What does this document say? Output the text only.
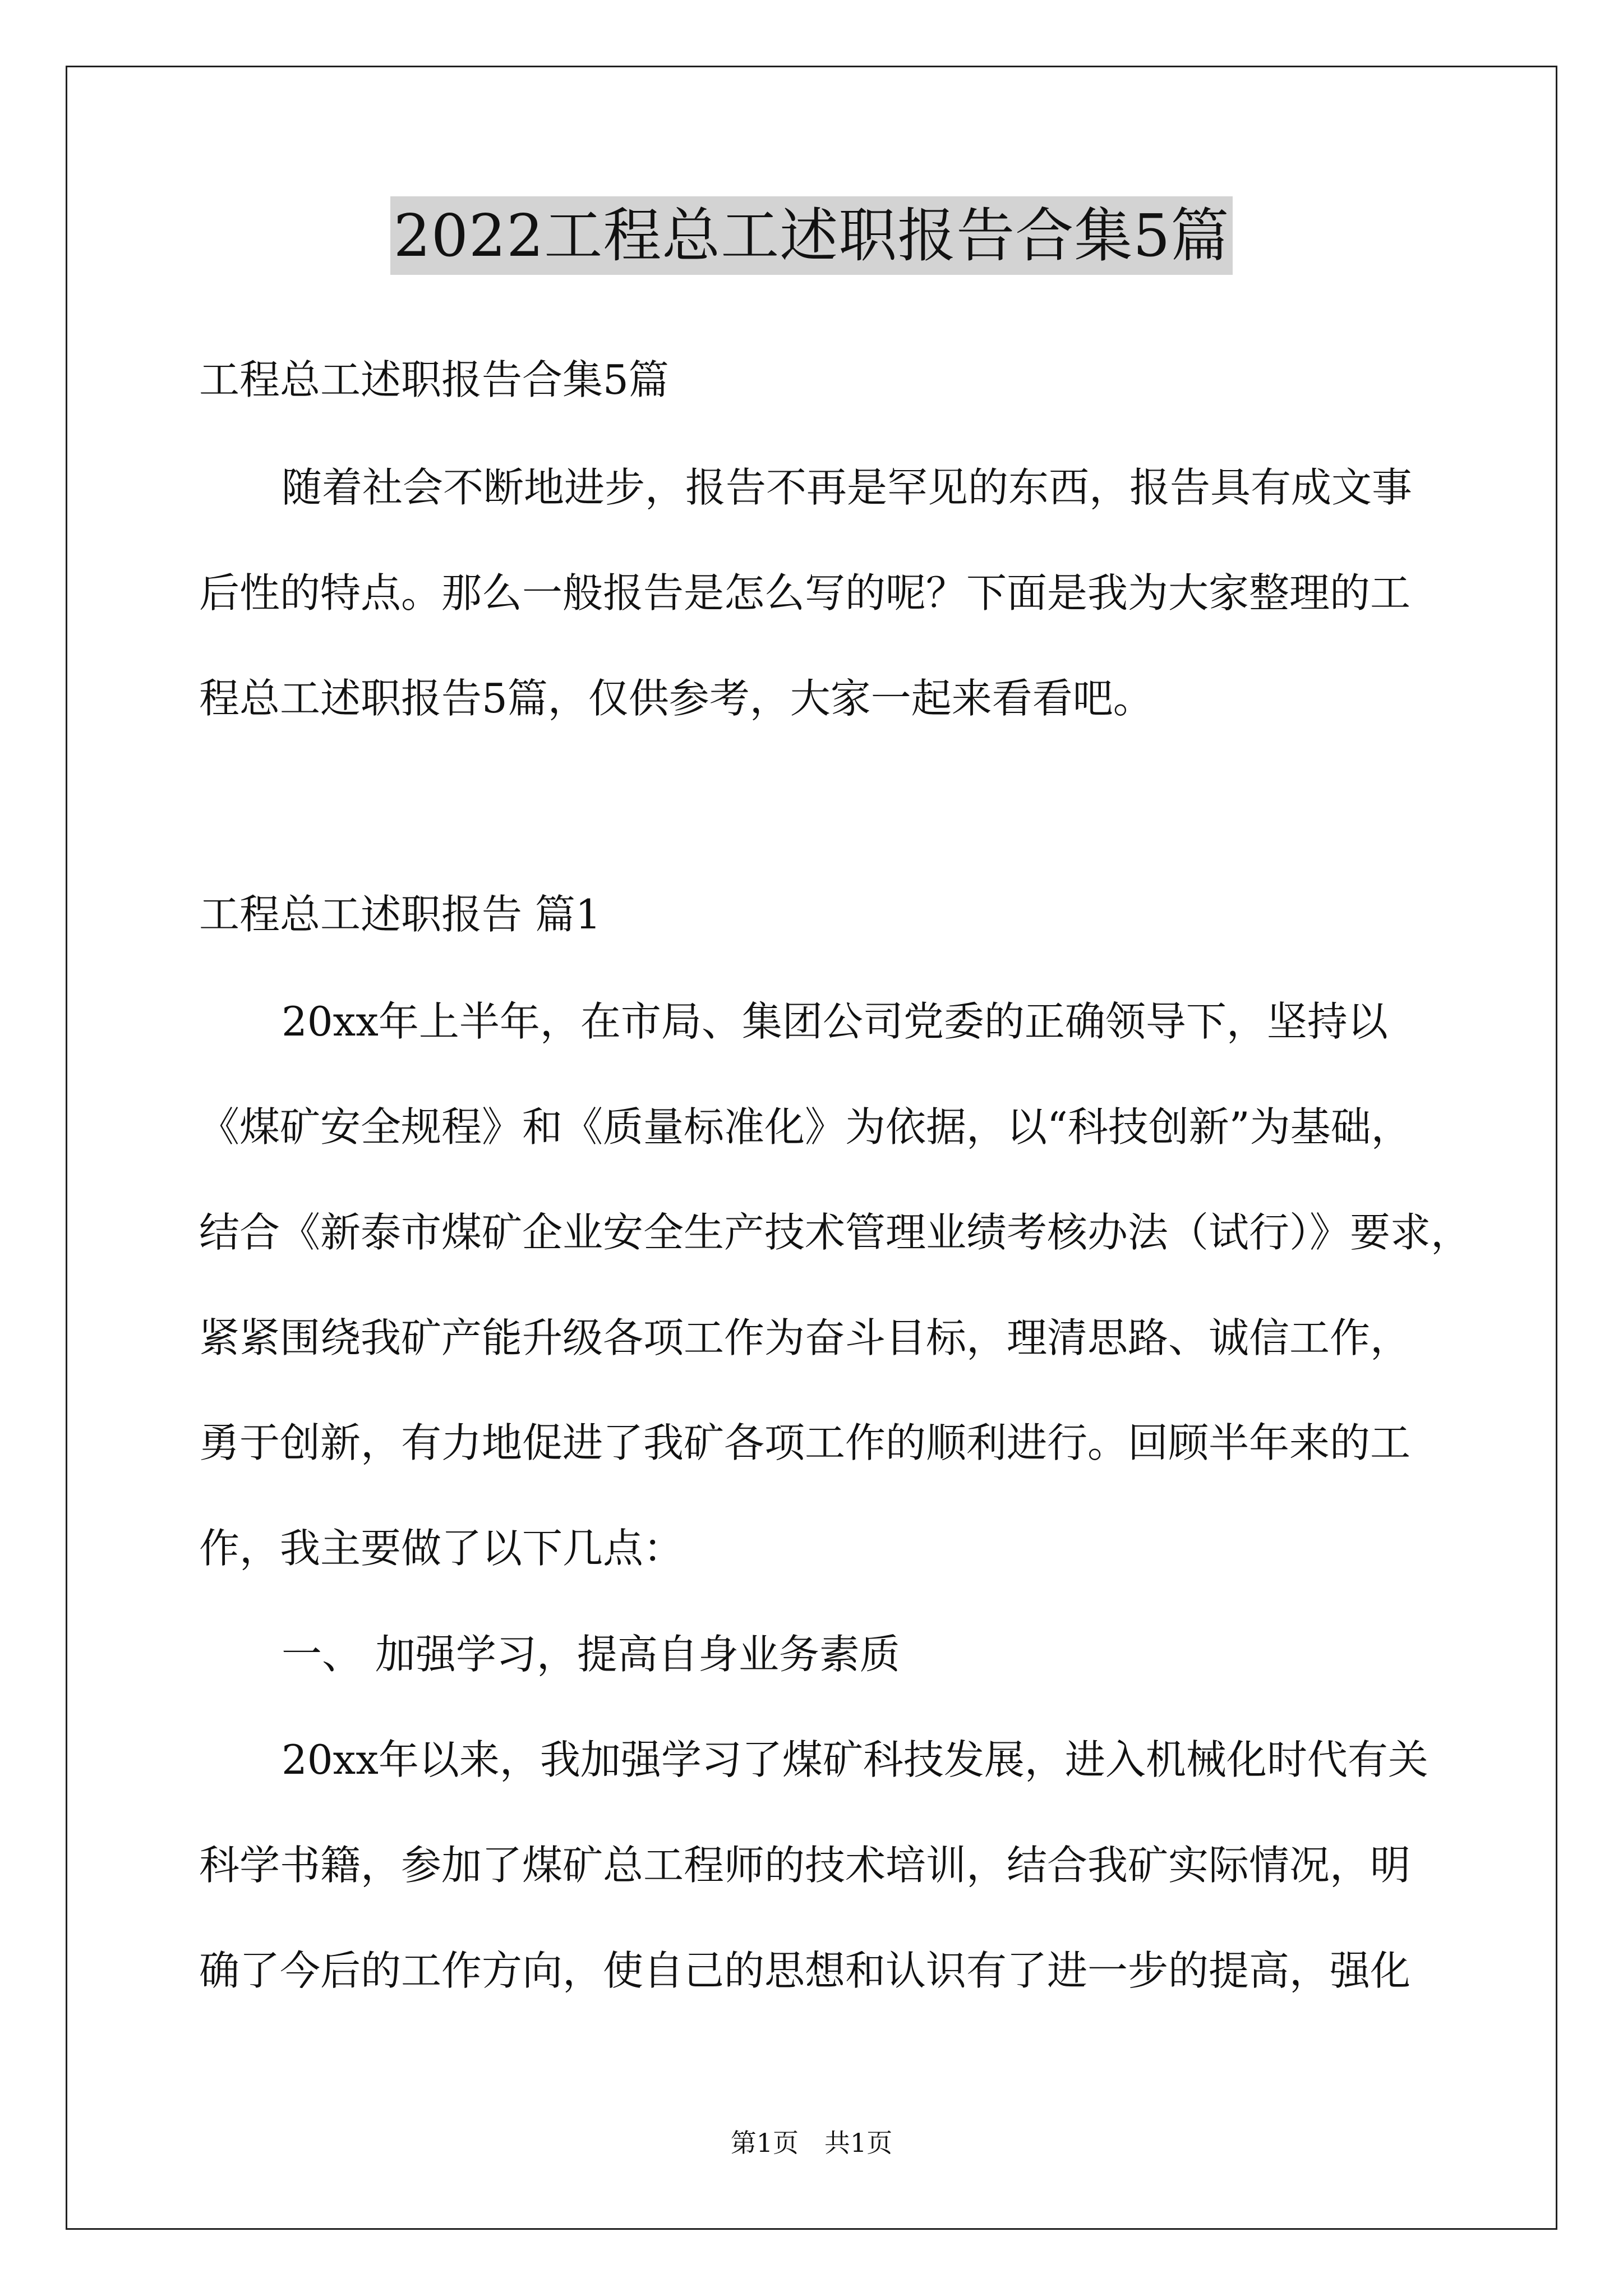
2022工程总工述职报告合集5篇
工程总工述职报告合集5篇
随着社会不断地进步，报告不再是罕见的东西，报告具有成文事
后性的特点。那么一般报告是怎么写的呢？下面是我为大家整理的工
程总工述职报告5篇，仅供参考，大家一起来看看吧。
工程总工述职报告 篇1
20xx年上半年，在市局、集团公司党委的正确领导下，坚持以
《煤矿安全规程》和《质量标准化》为依据，以“科技创新”为基础，
结合《新泰市煤矿企业安全生产技术管理业绩考核办法（试行）》要求，
紧紧围绕我矿产能升级各项工作为奋斗目标，理清思路、诚信工作，
勇于创新，有力地促进了我矿各项工作的顺利进行。回顾半年来的工
作，我主要做了以下几点：
一、 加强学习，提高自身业务素质
20xx年以来，我加强学习了煤矿科技发展，进入机械化时代有关
科学书籍，参加了煤矿总工程师的技术培训，结合我矿实际情况，明
确了今后的工作方向，使自己的思想和认识有了进一步的提高，强化
第1页　共1页
